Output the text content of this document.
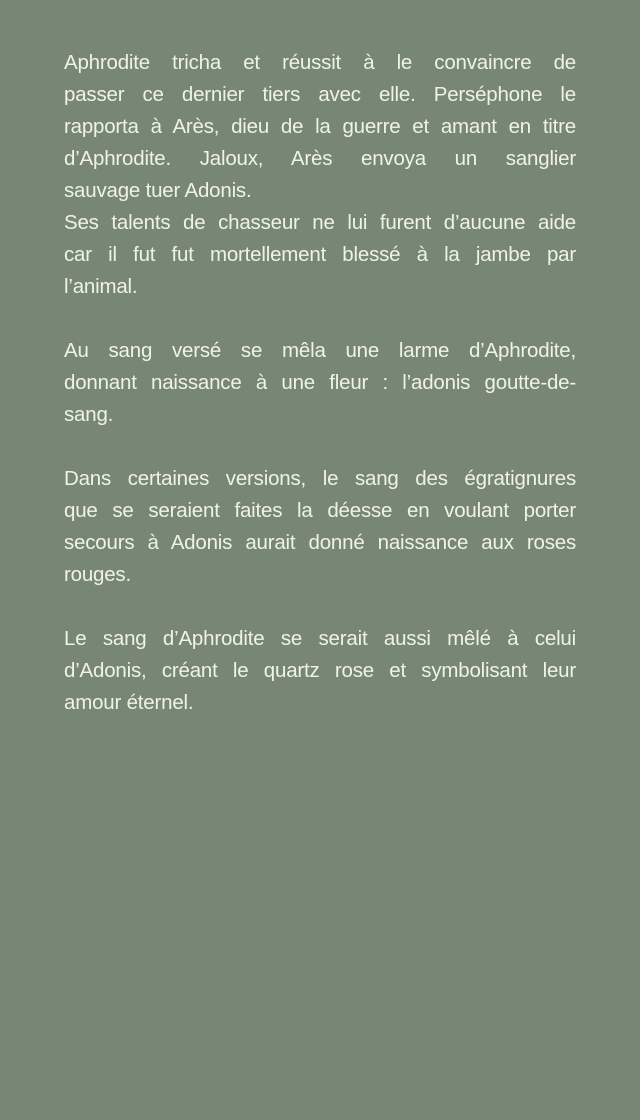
Aphrodite tricha et réussit à le convaincre de
passer ce dernier tiers avec elle. Perséphone le
rapporta à Arès, dieu de la guerre et amant en titre
d’Aphrodite. Jaloux, Arès envoya un sanglier
sauvage tuer Adonis.
Ses talents de chasseur ne lui furent d’aucune aide
car il fut fut mortellement blessé à la jambe par
l’animal.
Au sang versé se mêla une larme d’Aphrodite,
donnant naissance à une fleur : l’adonis goutte-de-
sang.
Dans certaines versions, le sang des égratignures
que se seraient faites la déesse en voulant porter
secours à Adonis aurait donné naissance aux roses
rouges.
Le sang d’Aphrodite se serait aussi mêlé à celui
d’Adonis, créant le quartz rose et symbolisant leur
amour éternel.
